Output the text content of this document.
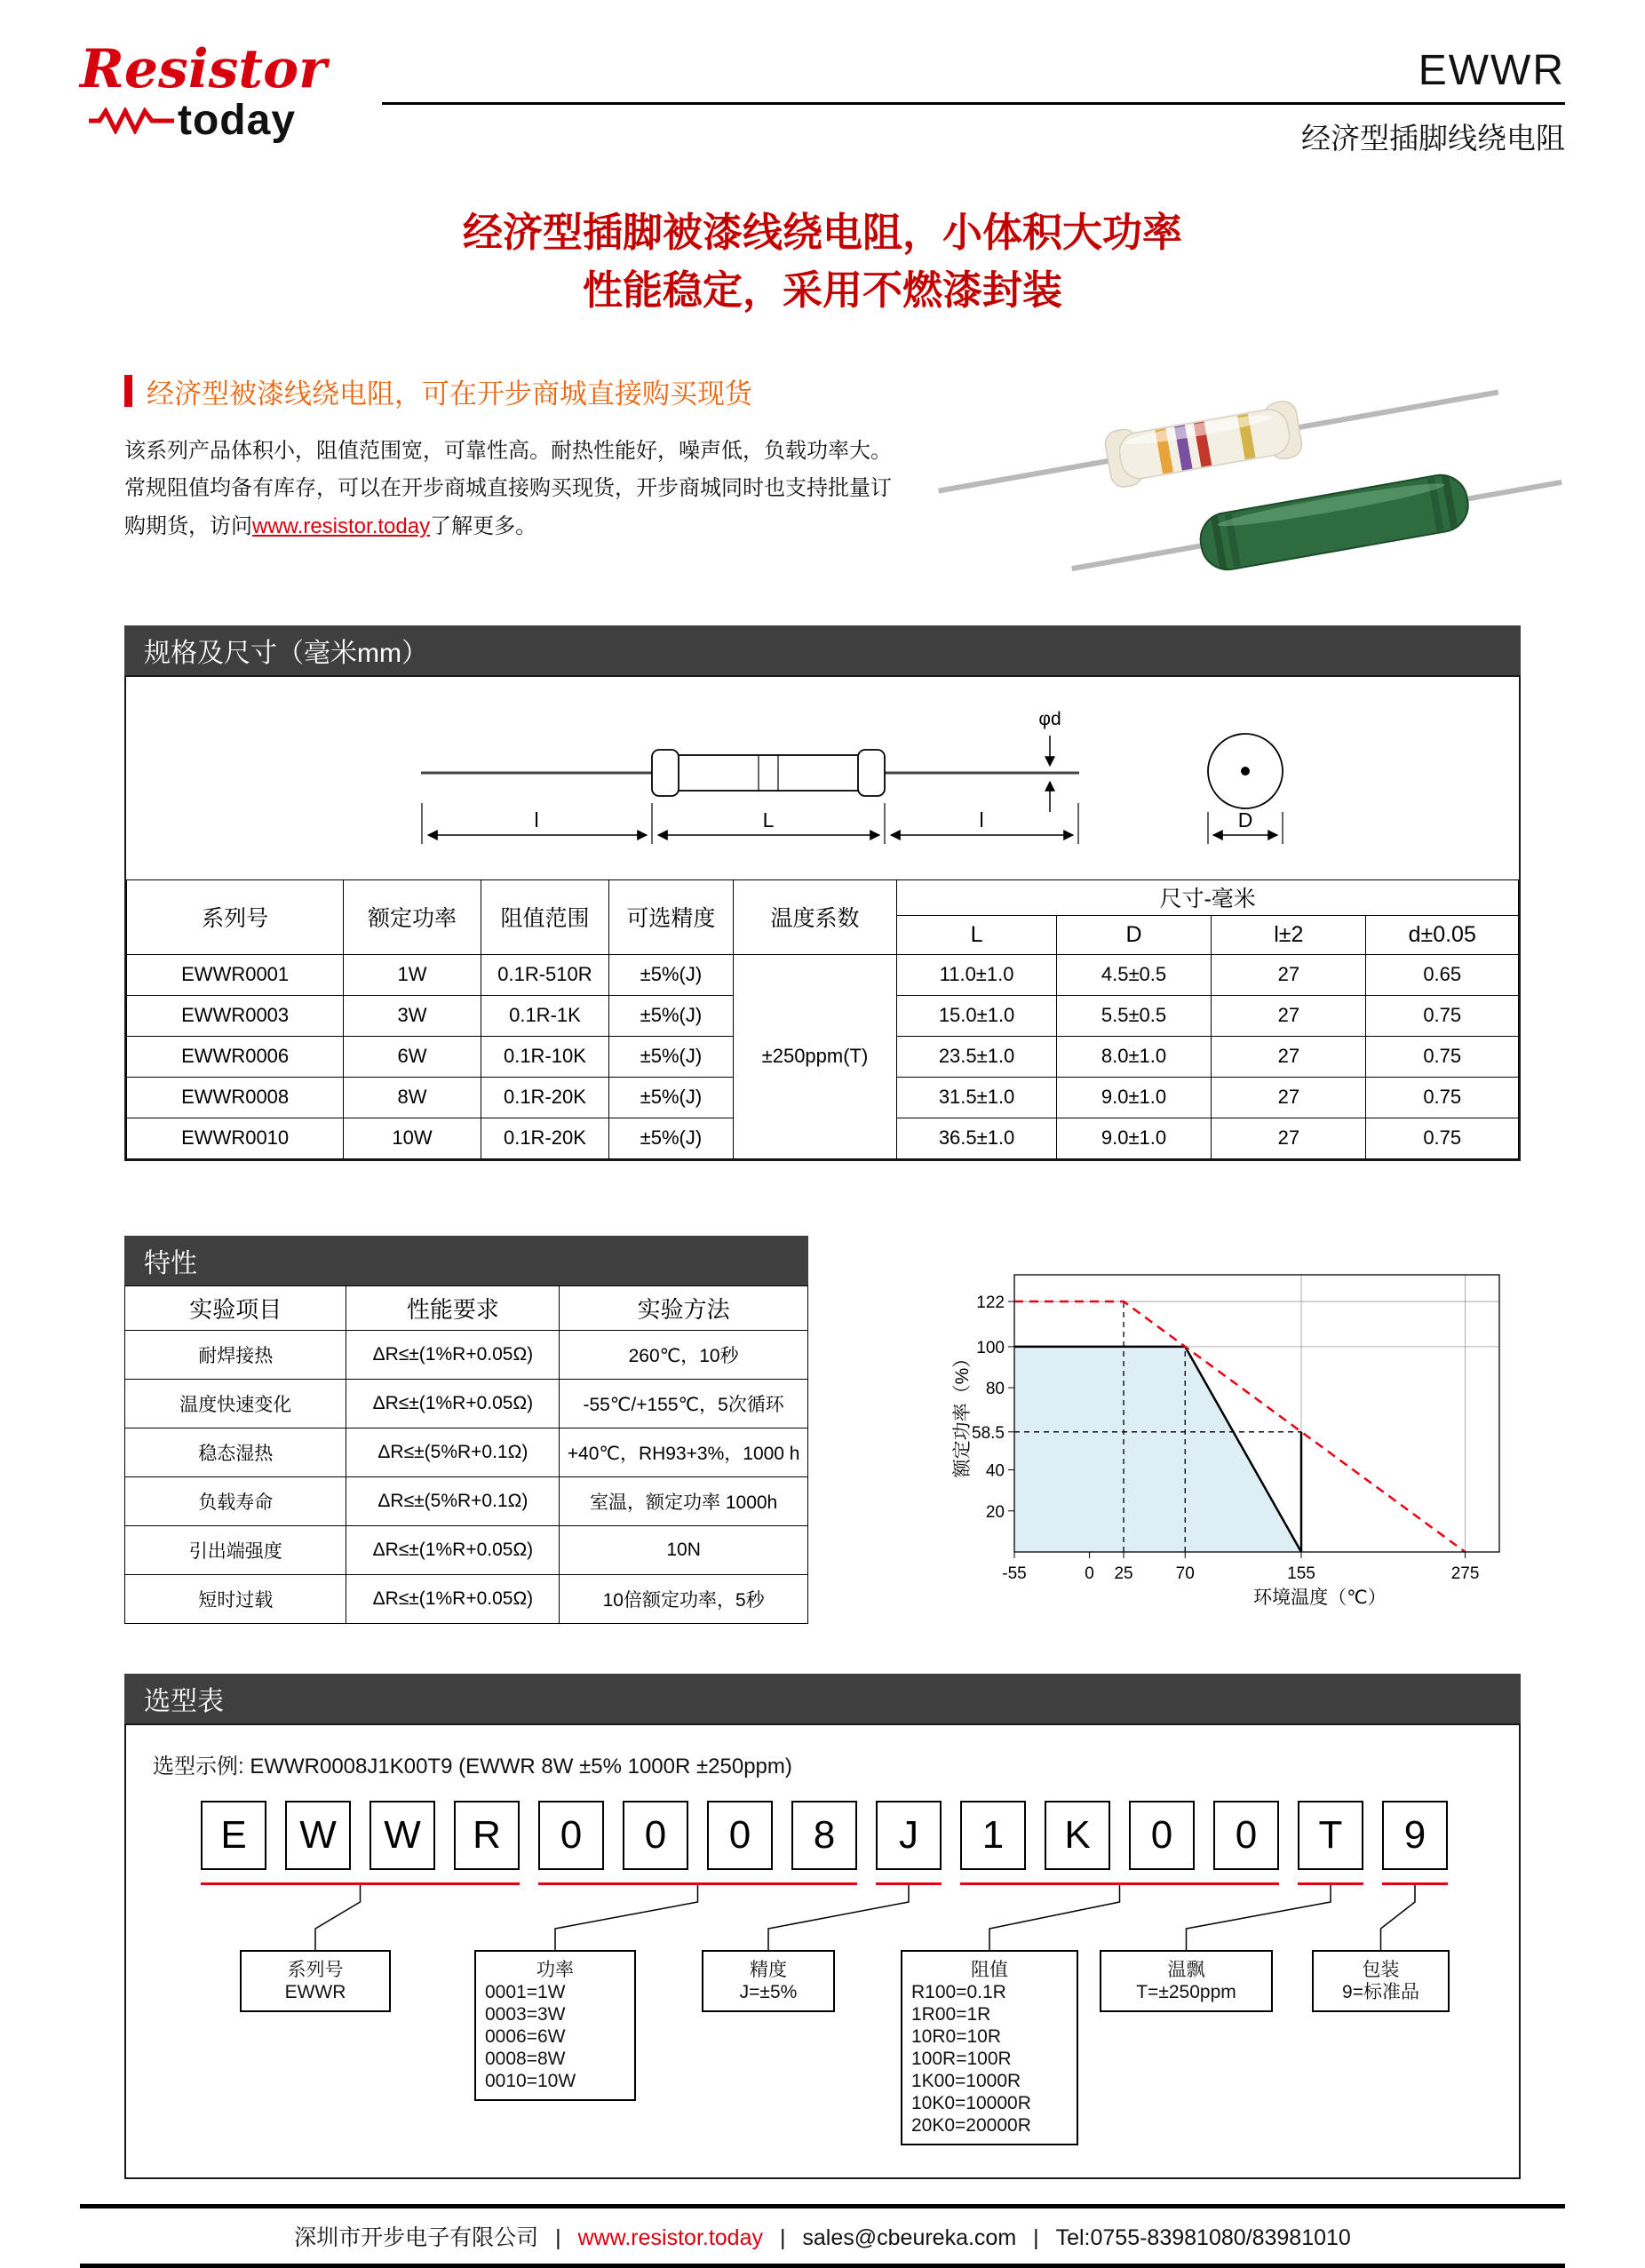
Resistor
today
EWWR
经济型插脚线绕电阻
经济型插脚被漆线绕电阻，小体积大功率
性能稳定，采用不燃漆封装
经济型被漆线绕电阻，可在开步商城直接购买现货

该系列产品体积小，阻值范围宽，可靠性高。耐热性能好，噪声低，负载功率大。常规阻值均备有库存，可以在开步商城直接购买现货，开步商城同时也支持批量订购期货，访问www.resistor.today了解更多。

规格及尺寸（毫米mm）
l	L	l
φd
D
系列号	额定功率	阻值范围	可选精度	温度系数	尺寸-毫米			
					L	D	l±2	d±0.05
EWWR0001	1W	0.1R-510R	±5%(J)	±250ppm(T)	11.0±1.0	4.5±0.5	27	0.65
EWWR0003	3W	0.1R-1K	±5%(J)		15.0±1.0	5.5±0.5	27	0.75
EWWR0006	6W	0.1R-10K	±5%(J)		23.5±1.0	8.0±1.0	27	0.75
EWWR0008	8W	0.1R-20K	±5%(J)		31.5±1.0	9.0±1.0	27	0.75
EWWR0010	10W	0.1R-20K	±5%(J)		36.5±1.0	9.0±1.0	27	0.75
特性
实验项目	性能要求	实验方法
耐焊接热	ΔR≤±(1%R+0.05Ω)	260℃，10秒
温度快速变化	ΔR≤±(1%R+0.05Ω)	-55℃/+155℃，5次循环
稳态湿热	ΔR≤±(5%R+0.1Ω)	+40℃，RH93+3%，1000 h
负载寿命	ΔR≤±(5%R+0.1Ω)	室温，额定功率 1000h
引出端强度	ΔR≤±(1%R+0.05Ω)	10N
短时过载	ΔR≤±(1%R+0.05Ω)	10倍额定功率，5秒
-55	0 25	70	155	275
20
40
58.5
80
100
122
环境温度（℃）
额定功率（%）
选型表
选型示例: EWWR0008J1K00T9 (EWWR 8W ±5% 1000R ±250ppm)
E	W	W	R	0	0	0	8	J	1	K	0	0	T	9
系列号
EWWR
功率
0001=1W
0003=3W
0006=6W
0008=8W
0010=10W
精度
J=±5%
阻值
R100=0.1R
1R00=1R
10R0=10R
100R=100R
1K00=1000R
10K0=10000R
20K0=20000R
温飘
T=±250ppm
包装
9=标准品
深圳市开步电子有限公司 | www.resistor.today | sales@cbeureka.com | Tel:0755-83981080/83981010
